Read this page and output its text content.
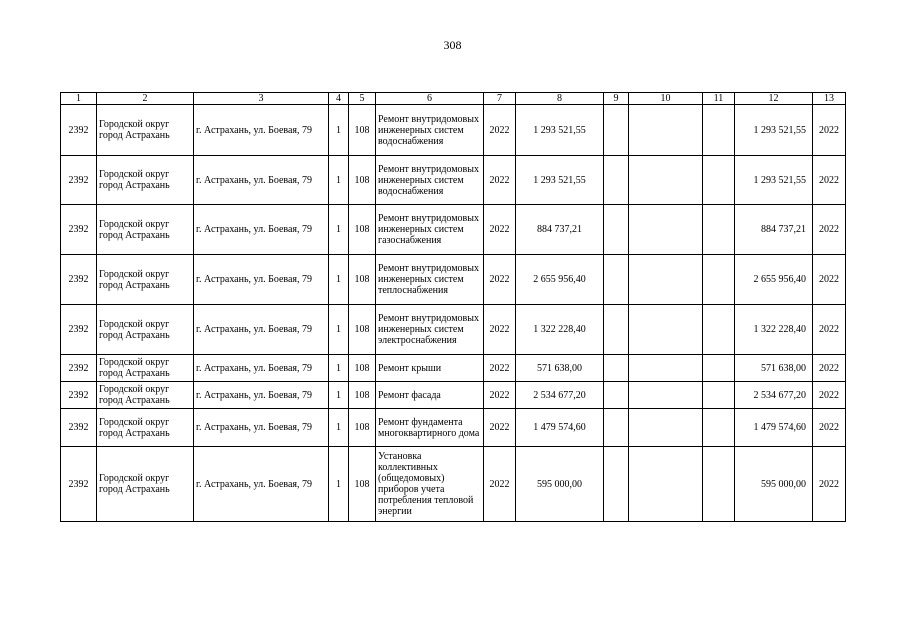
308
1	2	3	4	5	6	7	8	9	10	11	12	13
2392	Городской округ город Астрахань	г. Астрахань, ул. Боевая, 79	1	108	Ремонт внутридомовых инженерных систем водоснабжения	2022	1 293 521,55				1 293 521,55	2022
2392	Городской округ город Астрахань	г. Астрахань, ул. Боевая, 79	1	108	Ремонт внутридомовых инженерных систем водоснабжения	2022	1 293 521,55				1 293 521,55	2022
2392	Городской округ город Астрахань	г. Астрахань, ул. Боевая, 79	1	108	Ремонт внутридомовых инженерных систем газоснабжения	2022	884 737,21				884 737,21	2022
2392	Городской округ город Астрахань	г. Астрахань, ул. Боевая, 79	1	108	Ремонт внутридомовых инженерных систем теплоснабжения	2022	2 655 956,40				2 655 956,40	2022
2392	Городской округ город Астрахань	г. Астрахань, ул. Боевая, 79	1	108	Ремонт внутридомовых инженерных систем электроснабжения	2022	1 322 228,40				1 322 228,40	2022
2392	Городской округ город Астрахань	г. Астрахань, ул. Боевая, 79	1	108	Ремонт крыши	2022	571 638,00				571 638,00	2022
2392	Городской округ город Астрахань	г. Астрахань, ул. Боевая, 79	1	108	Ремонт фасада	2022	2 534 677,20				2 534 677,20	2022
2392	Городской округ город Астрахань	г. Астрахань, ул. Боевая, 79	1	108	Ремонт фундамента многоквартирного дома	2022	1 479 574,60				1 479 574,60	2022
2392	Городской округ город Астрахань	г. Астрахань, ул. Боевая, 79	1	108	Установка коллективных (общедомовых) приборов учета потребления тепловой энергии	2022	595 000,00				595 000,00	2022
